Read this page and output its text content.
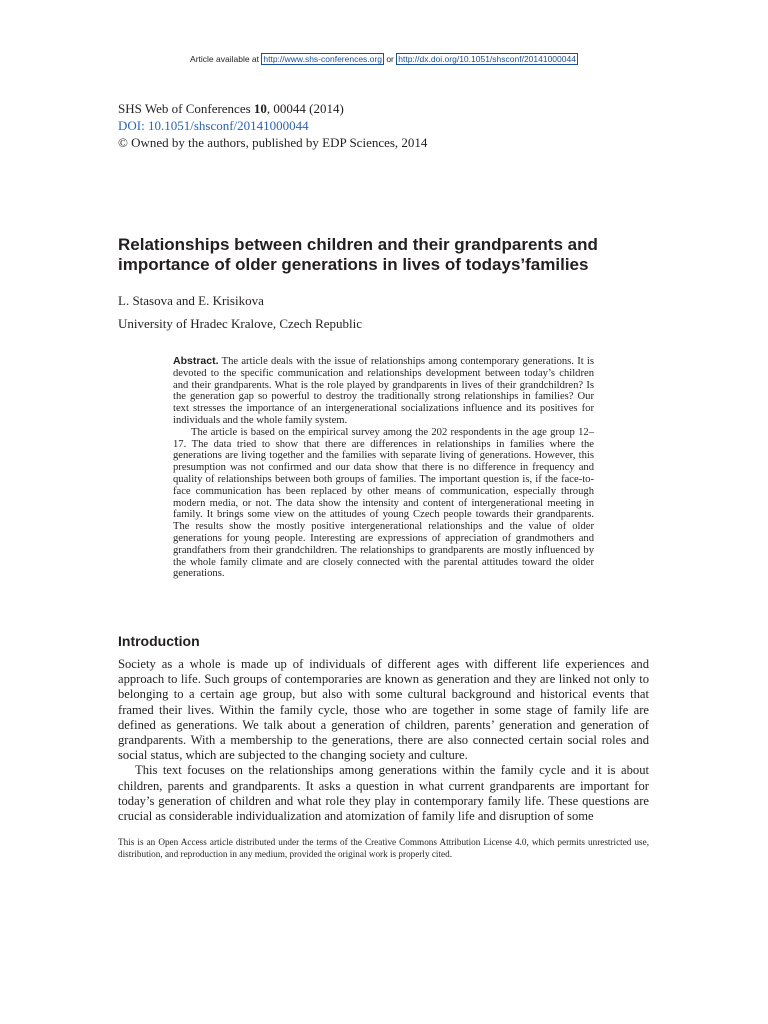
Article available at http://www.shs-conferences.org or http://dx.doi.org/10.1051/shsconf/20141000044
SHS Web of Conferences 10, 00044 (2014)
DOI: 10.1051/shsconf/20141000044
© Owned by the authors, published by EDP Sciences, 2014
Relationships between children and their grandparents and
importance of older generations in lives of todays’families
L. Stasova and E. Krisikova
University of Hradec Kralove, Czech Republic

Abstract. The article deals with the issue of relationships among contemporary generations. It is devoted to the specific communication and relationships development between today’s children and their grandparents. What is the role played by grandparents in lives of their grandchildren? Is the generation gap so powerful to destroy the traditionally strong relationships in families? Our text stresses the importance of an intergenerational socializations influence and its positives for individuals and the whole family system.

The article is based on the empirical survey among the 202 respondents in the age group 12–17. The data tried to show that there are differences in relationships in families where the generations are living together and the families with separate living of generations. However, this presumption was not confirmed and our data show that there is no difference in frequency and quality of relationships between both groups of families. The important question is, if the face-to-face communication has been replaced by other means of communication, especially through modern media, or not. The data show the intensity and content of intergenerational meeting in family. It brings some view on the attitudes of young Czech people towards their grandparents. The results show the mostly positive intergenerational relationships and the value of older generations for young people. Interesting are expressions of appreciation of grandmothers and grandfathers from their grandchildren. The relationships to grandparents are mostly influenced by the whole family climate and are closely connected with the parental attitudes toward the older generations.

Introduction

Society as a whole is made up of individuals of different ages with different life experiences and approach to life. Such groups of contemporaries are known as generation and they are linked not only to belonging to a certain age group, but also with some cultural background and historical events that framed their lives. Within the family cycle, those who are together in some stage of family life are defined as generations. We talk about a generation of children, parents’ generation and generation of grandparents. With a membership to the generations, there are also connected certain social roles and social status, which are subjected to the changing society and culture.

This text focuses on the relationships among generations within the family cycle and it is about children, parents and grandparents. It asks a question in what current grandparents are important for today’s generation of children and what role they play in contemporary family life. These questions are crucial as considerable individualization and atomization of family life and disruption of some

This is an Open Access article distributed under the terms of the Creative Commons Attribution License 4.0, which permits unrestricted use, distribution, and reproduction in any medium, provided the original work is properly cited.
